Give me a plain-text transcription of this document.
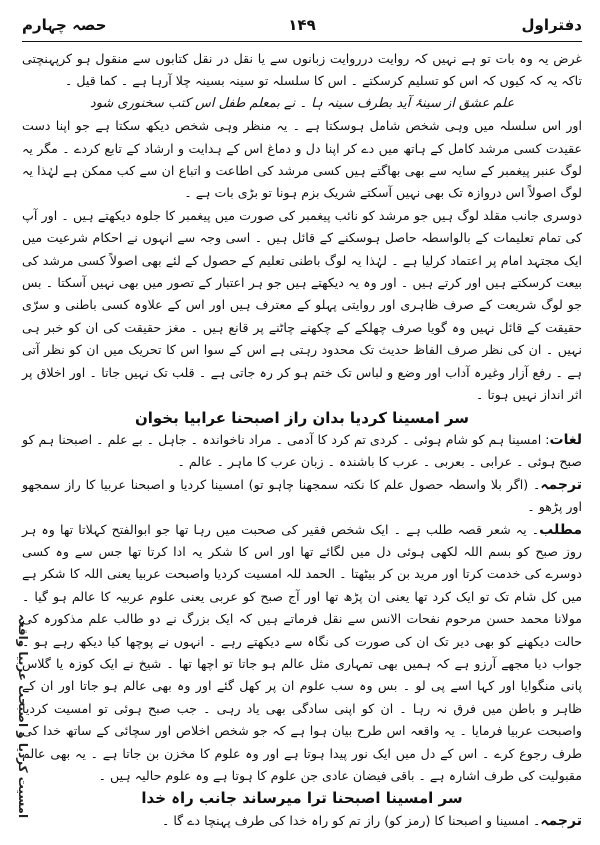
دفتراول
۱۴۹
حصہ چہارم

غرض یہ وہ بات تو ہے نہیں کہ روایت درروایت زبانوں سے یا نقل در نقل کتابوں سے منقول ہو کرپہنچتی تاکہ یہ کہ کیوں کہ اس کو تسلیم کرسکتے ۔ اس کا سلسلہ تو سینہ بسینہ چلا آرہا ہے ۔ کما قیل ۔

علم عشق از سینۂ آید بطرف سینہ ہا ۔ نے بمعلم طفل اس کتب سخنوری شود

اور اس سلسلہ میں وہی شخص شامل ہوسکتا ہے ۔ یہ منظر وہی شخص دیکھ سکتا ہے جو اپنا دست عقیدت کسی مرشد کامل کے ہاتھ میں دے کر اپنا دل و دماغ اس کے ہدایت و ارشاد کے تابع کردے ۔ مگر یہ لوگ عنبر پیغمبر کے سایہ سے بھی بھاگتے ہیں کسی مرشد کی اطاعت و اتباع ان سے کب ممکن ہے لہٰذا یہ لوگ اصولاً اس دروازہ تک بھی نہیں آسکتے شریک بزم ہونا تو بڑی بات ہے ۔

دوسری جانب مقلد لوگ ہیں جو مرشد کو نائب پیغمبر کی صورت میں پیغمبر کا جلوہ دیکھتے ہیں ۔ اور آپ کی تمام تعلیمات کے بالواسطہ حاصل ہوسکنے کے قائل ہیں ۔ اسی وجہ سے انہوں نے احکام شرعیت میں ایک مجتہد امام پر اعتماد کرلیا ہے ۔ لہٰذا یہ لوگ باطنی تعلیم کے حصول کے لئے بھی اصولاً کسی مرشد کی بیعت کرسکتے ہیں اور کرتے ہیں ۔ اور وہ یہ دیکھتے ہیں جو ہر اعتبار کے تصور میں بھی نہیں آسکتا ۔ بس جو لوگ شریعت کے صرف ظاہری اور روایتی پہلو کے معترف ہیں اور اس کے علاوہ کسی باطنی و سرّی حقیقت کے قائل نہیں وہ گویا صرف چھلکے کے چکھنے چاٹنے پر قانع ہیں ۔ مغز حقیقت کی ان کو خبر ہی نہیں ۔ ان کی نظر صرف الفاظ حدیث تک محدود رہتی ہے اس کے سوا اس کا تحریک میں ان کو نظر آتی ہے ۔ رفع آزار وغیرہ آداب اور وضع و لباس تک ختم ہو کر رہ جاتی ہے ۔ قلب تک نہیں جاتا ۔ اور اخلاق پر اثر انداز نہیں ہوتا ۔

سر امسینا کردیا بدان راز اصبحنا عرابیا بخوان

لغات: امسینا ہم کو شام ہوئی ۔ کردی تم کرد کا آدمی ۔ مراد ناخواندہ ۔ جاہل ۔ بے علم ۔ اصبحنا ہم کو صبح ہوئی ۔ عرابی ۔ بعربی ۔ عرب کا باشندہ ۔ زبان عرب کا ماہر ۔ عالم ۔

ترجمہ۔ (اگر بلا واسطہ حصول علم کا نکتہ سمجھنا چاہو تو) امسینا کردیا و اصبحنا عربیا کا راز سمجھو اور پڑھو ۔

مطلب۔ یہ شعر قصہ طلب ہے ۔ ایک شخص فقیر کی صحبت میں رہا تھا جو ابوالفتح کہلاتا تھا وہ ہر روز صبح کو بسم اللہ لکھی ہوئی دل میں لگائے تھا اور اس کا شکر یہ ادا کرتا تھا جس سے وہ کسی دوسرے کی خدمت کرتا اور مرید بن کر بیٹھتا ۔ الحمد للہ امسیت کردیا واصبحت عربیا یعنی اللہ کا شکر ہے میں کل شام تک تو ایک کرد تھا یعنی ان پڑھ تھا اور آج صبح کو عربی یعنی علوم عربیہ کا عالم ہو گیا ۔ مولانا محمد حسن مرحوم نفحات الانس سے نقل فرماتے ہیں کہ ایک بزرگ نے دو طالب علم مذکورہ کی حالت دیکھنے کو بھی دیر تک ان کی صورت کی نگاہ سے دیکھتے رہے ۔ انہوں نے پوچھا کیا دیکھ رہے ہو ۔ جواب دیا مجھے آرزو ہے کہ ہمیں بھی تمہاری مثل عالم ہو جاتا تو اچھا تھا ۔ شیخ نے ایک کوزہ یا گلاس پانی منگوایا اور کہا اسے پی لو ۔ بس وہ سب علوم ان پر کھل گئے اور وہ بھی عالم ہو جاتا اور ان کے ظاہر و باطن میں فرق نہ رہا ۔ ان کو اپنی سادگی بھی یاد رہی ۔ جب صبح ہوئی تو امسیت کردیا واصبحت عربیا فرمایا ۔ یہ واقعہ اس طرح بیان ہوا ہے کہ جو شخص اخلاص اور سچائی کے ساتھ خدا کی طرف رجوع کرے ۔ اس کے دل میں ایک نور پیدا ہوتا ہے اور وہ علوم کا مخزن بن جاتا ہے ۔ یہ بھی عالم مقبولیت کی طرف اشارہ ہے ۔ باقی فیضان عادی جن علوم کا ہوتا ہے وہ علوم حالیہ ہیں ۔

سر امسینا اصبحنا ترا میرساند جانب راہ خدا

ترجمہ۔ امسینا و اصبحنا کا (رمز کو) راز تم کو راہ خدا کی طرف پہنچا دے گا ۔

امسیت کردیا و اصبحت عربیا واقعہ
